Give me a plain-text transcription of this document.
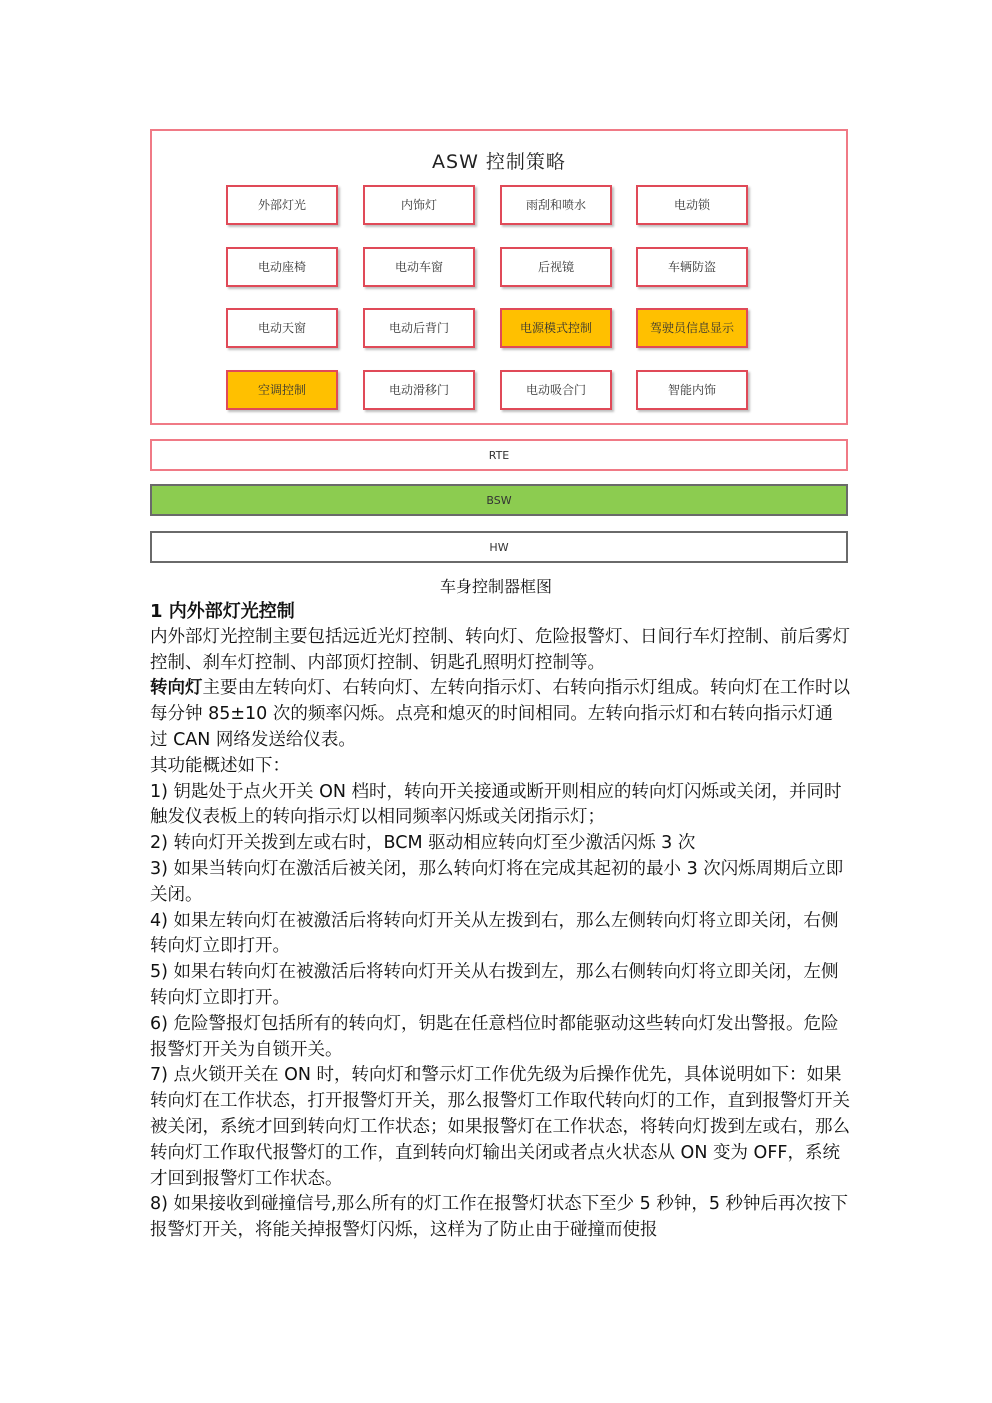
ASW 控制策略
外部灯光	内饰灯	雨刮和喷水	电动锁
电动座椅	电动车窗	后视镜	车辆防盗
电动天窗	电动后背门	电源模式控制	驾驶员信息显示
空调控制	电动滑移门	电动吸合门	智能内饰
RTE
BSW
HW
车身控制器框图
1 内外部灯光控制

内外部灯光控制主要包括远近光灯控制、转向灯、危险报警灯、日间行车灯控制、前后雾灯控制、刹车灯控制、内部顶灯控制、钥匙孔照明灯控制等。

转向灯主要由左转向灯、右转向灯、左转向指示灯、右转向指示灯组成。转向灯在工作时以每分钟 85±10 次的频率闪烁。点亮和熄灭的时间相同。左转向指示灯和右转向指示灯通过 CAN 网络发送给仪表。

其功能概述如下：

1) 钥匙处于点火开关 ON 档时，转向开关接通或断开则相应的转向灯闪烁或关闭，并同时触发仪表板上的转向指示灯以相同频率闪烁或关闭指示灯；

2) 转向灯开关拨到左或右时，BCM 驱动相应转向灯至少激活闪烁 3 次

3) 如果当转向灯在激活后被关闭，那么转向灯将在完成其起初的最小 3 次闪烁周期后立即关闭。

4) 如果左转向灯在被激活后将转向灯开关从左拨到右，那么左侧转向灯将立即关闭，右侧转向灯立即打开。

5) 如果右转向灯在被激活后将转向灯开关从右拨到左，那么右侧转向灯将立即关闭，左侧转向灯立即打开。

6) 危险警报灯包括所有的转向灯，钥匙在任意档位时都能驱动这些转向灯发出警报。危险报警灯开关为自锁开关。

7) 点火锁开关在 ON 时，转向灯和警示灯工作优先级为后操作优先，具体说明如下：如果转向灯在工作状态，打开报警灯开关，那么报警灯工作取代转向灯的工作，直到报警灯开关被关闭，系统才回到转向灯工作状态；如果报警灯在工作状态，将转向灯拨到左或右，那么转向灯工作取代报警灯的工作，直到转向灯输出关闭或者点火状态从 ON 变为 OFF，系统才回到报警灯工作状态。

8) 如果接收到碰撞信号,那么所有的灯工作在报警灯状态下至少 5 秒钟，5 秒钟后再次按下报警灯开关，将能关掉报警灯闪烁，这样为了防止由于碰撞而使报
